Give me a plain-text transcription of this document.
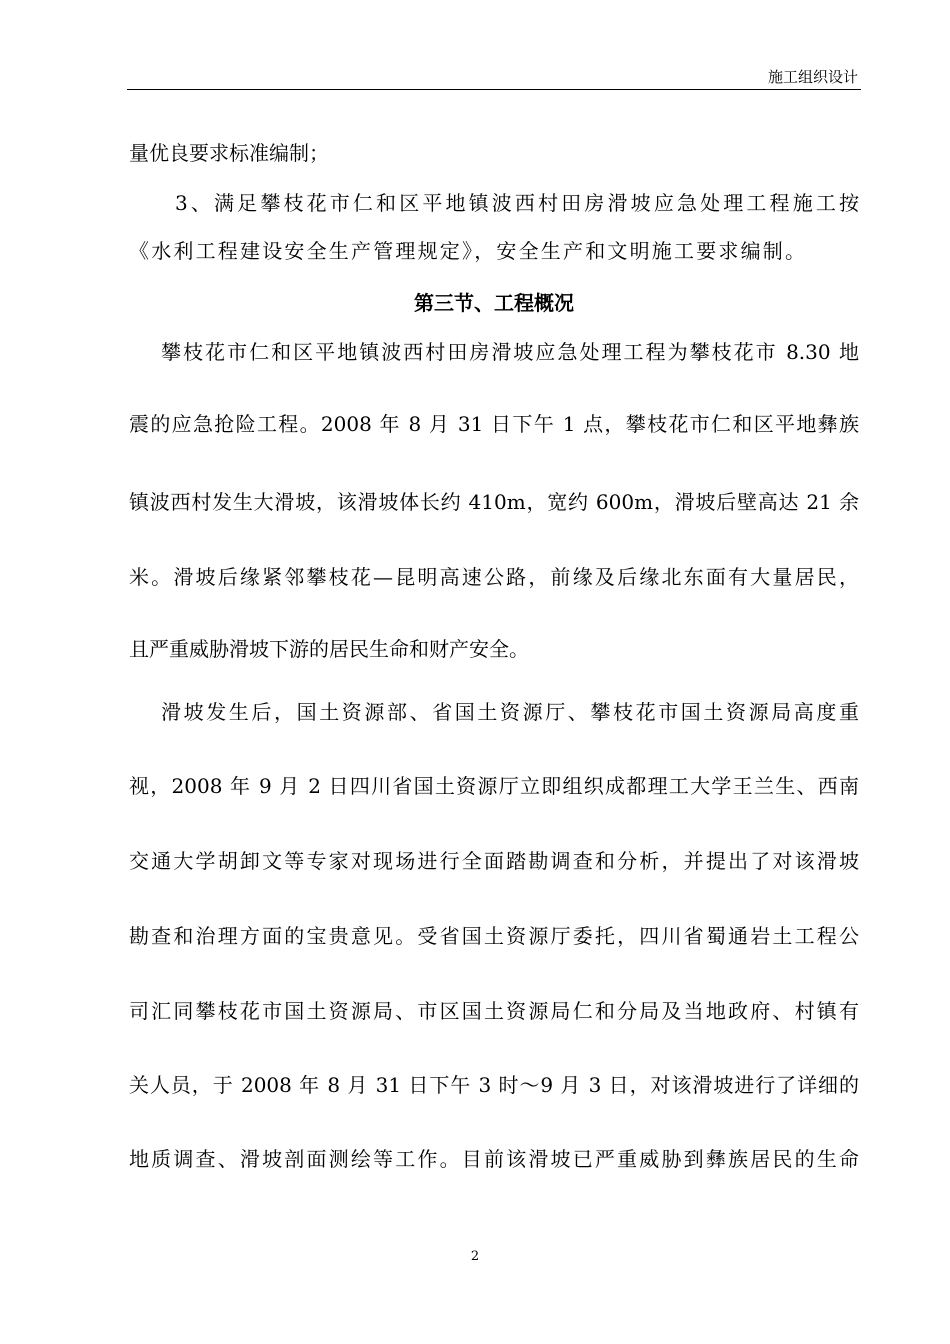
施工组织设计
量优良要求标准编制；
3、满足攀枝花市仁和区平地镇波西村田房滑坡应急处理工程施工按
《水利工程建设安全生产管理规定》，安全生产和文明施工要求编制。
第三节、工程概况
攀枝花市仁和区平地镇波西村田房滑坡应急处理工程为攀枝花市 8.30 地
震的应急抢险工程。2008 年 8 月 31 日下午 1 点，攀枝花市仁和区平地彝族
镇波西村发生大滑坡，该滑坡体长约 410m，宽约 600m，滑坡后壁高达 21 余
米。滑坡后缘紧邻攀枝花—昆明高速公路，前缘及后缘北东面有大量居民，
且严重威胁滑坡下游的居民生命和财产安全。
滑坡发生后，国土资源部、省国土资源厅、攀枝花市国土资源局高度重
视，2008 年 9 月 2 日四川省国土资源厅立即组织成都理工大学王兰生、西南
交通大学胡卸文等专家对现场进行全面踏勘调查和分析，并提出了对该滑坡
勘查和治理方面的宝贵意见。受省国土资源厅委托，四川省蜀通岩土工程公
司汇同攀枝花市国土资源局、市区国土资源局仁和分局及当地政府、村镇有
关人员，于 2008 年 8 月 31 日下午 3 时～9 月 3 日，对该滑坡进行了详细的
地质调查、滑坡剖面测绘等工作。目前该滑坡已严重威胁到彝族居民的生命
2
